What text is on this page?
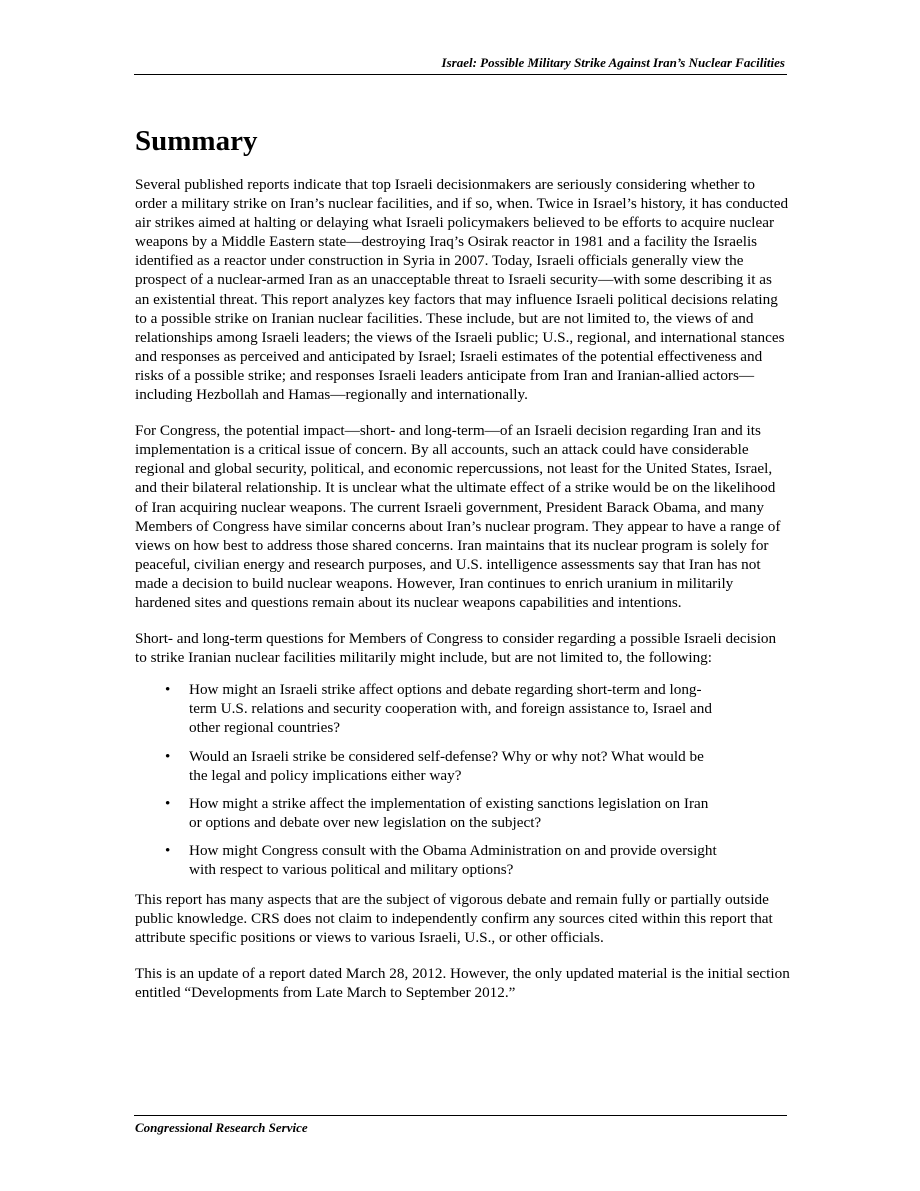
Israel: Possible Military Strike Against Iran’s Nuclear Facilities
Summary

Several published reports indicate that top Israeli decisionmakers are seriously considering whether to order a military strike on Iran’s nuclear facilities, and if so, when. Twice in Israel’s history, it has conducted air strikes aimed at halting or delaying what Israeli policymakers believed to be efforts to acquire nuclear weapons by a Middle Eastern state—destroying Iraq’s Osirak reactor in 1981 and a facility the Israelis identified as a reactor under construction in Syria in 2007. Today, Israeli officials generally view the prospect of a nuclear-armed Iran as an unacceptable threat to Israeli security—with some describing it as an existential threat. This report analyzes key factors that may influence Israeli political decisions relating to a possible strike on Iranian nuclear facilities. These include, but are not limited to, the views of and relationships among Israeli leaders; the views of the Israeli public; U.S., regional, and international stances and responses as perceived and anticipated by Israel; Israeli estimates of the potential effectiveness and risks of a possible strike; and responses Israeli leaders anticipate from Iran and Iranian-allied actors—including Hezbollah and Hamas—regionally and internationally.

For Congress, the potential impact—short- and long-term—of an Israeli decision regarding Iran and its implementation is a critical issue of concern. By all accounts, such an attack could have considerable regional and global security, political, and economic repercussions, not least for the United States, Israel, and their bilateral relationship. It is unclear what the ultimate effect of a strike would be on the likelihood of Iran acquiring nuclear weapons. The current Israeli government, President Barack Obama, and many Members of Congress have similar concerns about Iran’s nuclear program. They appear to have a range of views on how best to address those shared concerns. Iran maintains that its nuclear program is solely for peaceful, civilian energy and research purposes, and U.S. intelligence assessments say that Iran has not made a decision to build nuclear weapons. However, Iran continues to enrich uranium in militarily hardened sites and questions remain about its nuclear weapons capabilities and intentions.

Short- and long-term questions for Members of Congress to consider regarding a possible Israeli decision to strike Iranian nuclear facilities militarily might include, but are not limited to, the following:

• How might an Israeli strike affect options and debate regarding short-term and long-term U.S. relations and security cooperation with, and foreign assistance to, Israel and other regional countries?
• Would an Israeli strike be considered self-defense? Why or why not? What would be the legal and policy implications either way?
• How might a strike affect the implementation of existing sanctions legislation on Iran or options and debate over new legislation on the subject?
• How might Congress consult with the Obama Administration on and provide oversight with respect to various political and military options?

This report has many aspects that are the subject of vigorous debate and remain fully or partially outside public knowledge. CRS does not claim to independently confirm any sources cited within this report that attribute specific positions or views to various Israeli, U.S., or other officials.

This is an update of a report dated March 28, 2012. However, the only updated material is the initial section entitled “Developments from Late March to September 2012.”

Congressional Research Service
